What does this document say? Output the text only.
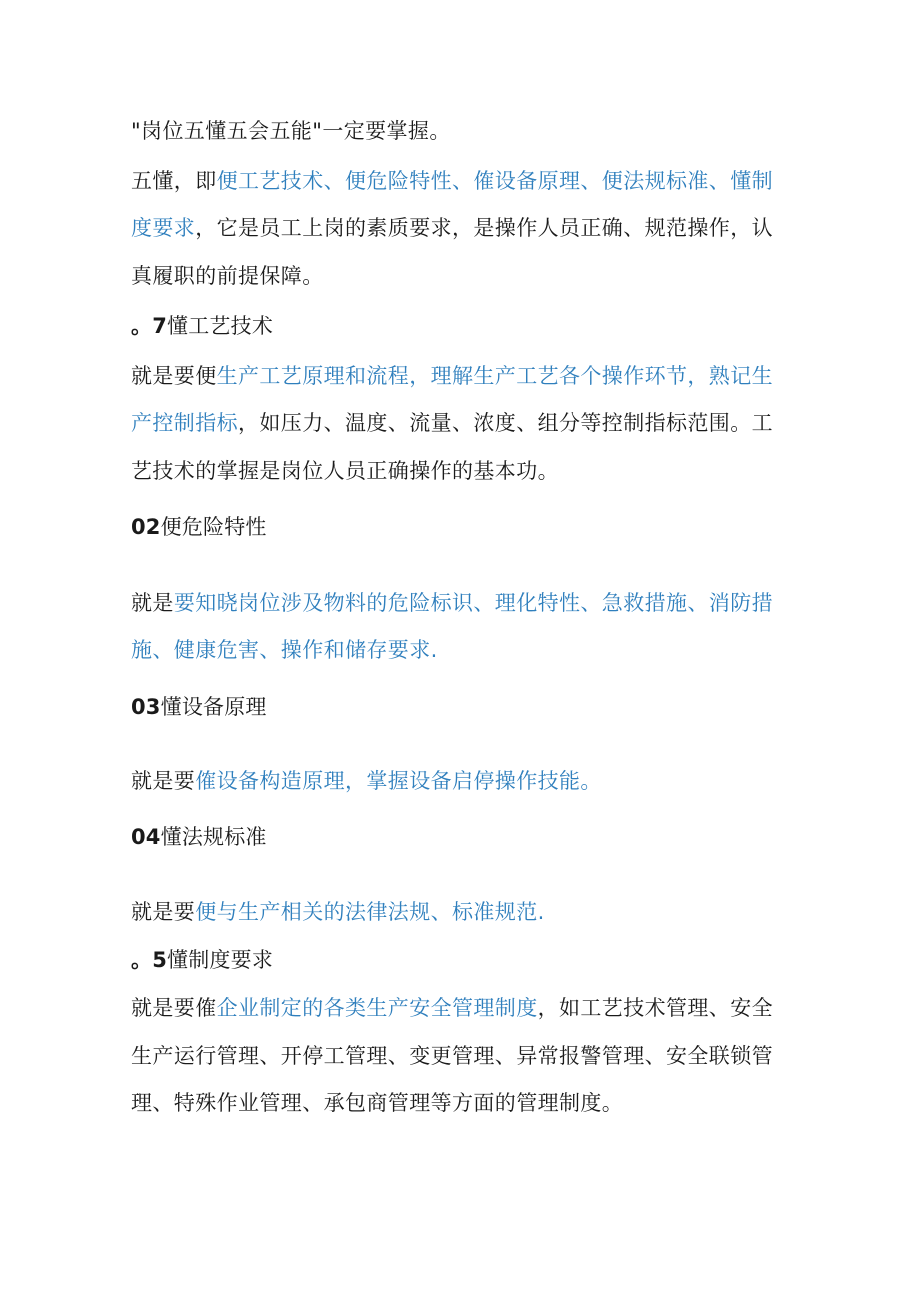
"岗位五懂五会五能"一定要掌握。
五懂，即便工艺技术、便危险特性、傕设备原理、便法规标准、懂制
度要求，它是员工上岗的素质要求，是操作人员正确、规范操作，认
真履职的前提保障。
。7懂工艺技术
就是要便生产工艺原理和流程，理解生产工艺各个操作环节，熟记生
产控制指标，如压力、温度、流量、浓度、组分等控制指标范围。工
艺技术的掌握是岗位人员正确操作的基本功。
02便危险特性
就是要知晓岗位涉及物料的危险标识、理化特性、急救措施、消防措
施、健康危害、操作和储存要求.
03懂设备原理
就是要傕设备构造原理，掌握设备启停操作技能。
04懂法规标准
就是要便与生产相关的法律法规、标准规范.
。5懂制度要求
就是要傕企业制定的各类生产安全管理制度，如工艺技术管理、安全
生产运行管理、开停工管理、变更管理、异常报警管理、安全联锁管
理、特殊作业管理、承包商管理等方面的管理制度。
